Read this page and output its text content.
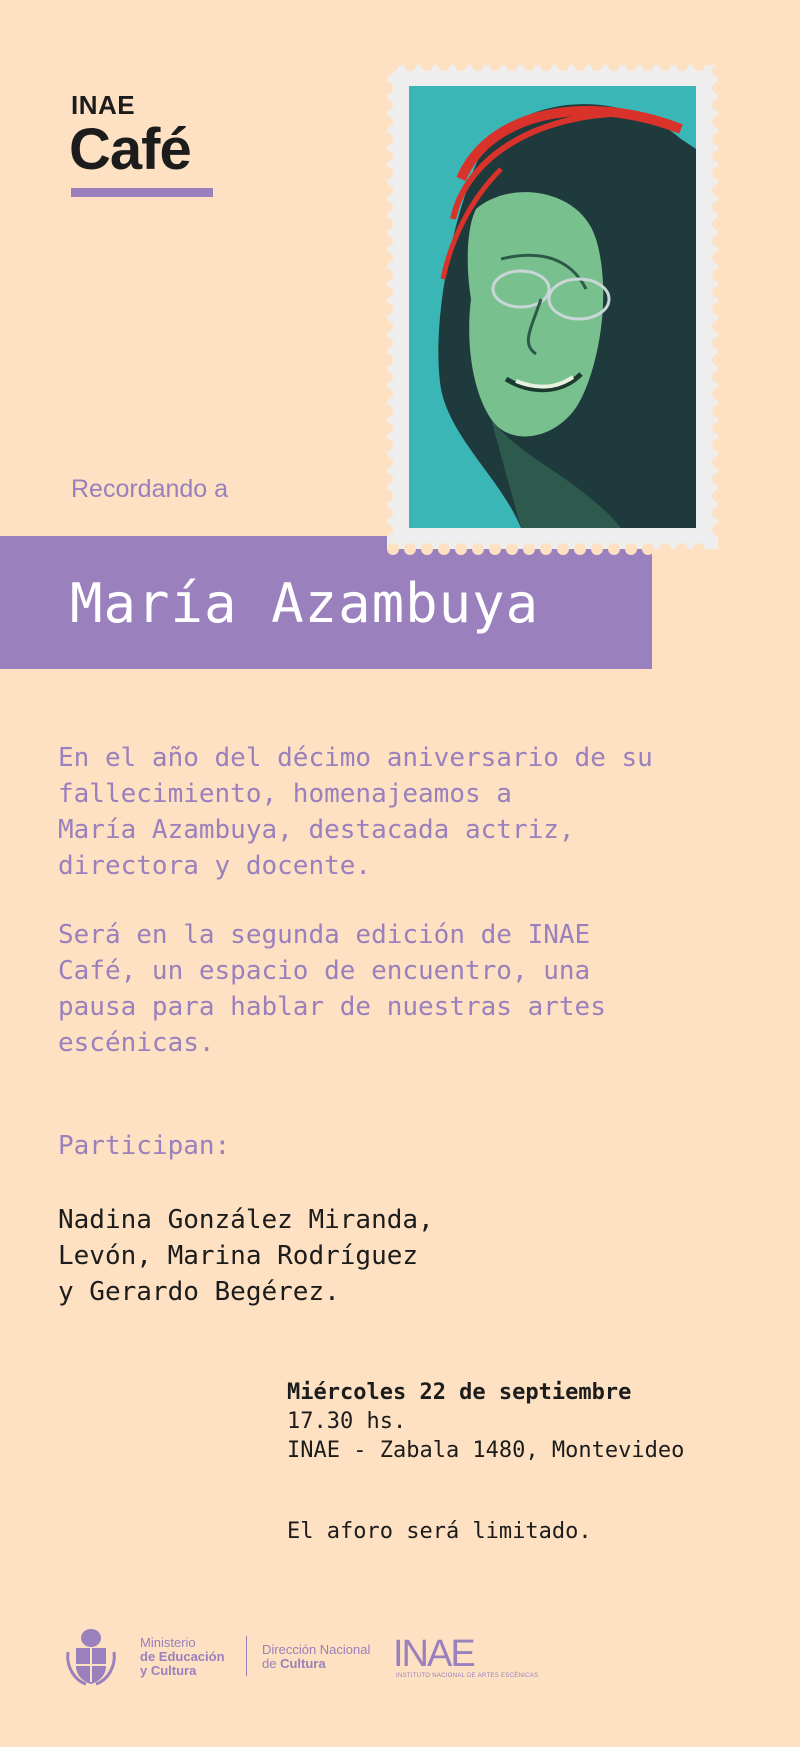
INAE
Café
Recordando a
María Azambuya
En el año del décimo aniversario de su
fallecimiento, homenajeamos a
María Azambuya, destacada actriz,
directora y docente.
Será en la segunda edición de INAE
Café, un espacio de encuentro, una
pausa para hablar de nuestras artes
escénicas.
Participan:
Nadina González Miranda,
Levón, Marina Rodríguez
y Gerardo Begérez.
Miércoles 22 de septiembre
17.30 hs.
INAE - Zabala 1480, Montevideo
El aforo será limitado.
Ministerio
de Educación
y Cultura
Dirección Nacional
de Cultura	INAE
INSTITUTO NACIONAL DE ARTES ESCÉNICAS
